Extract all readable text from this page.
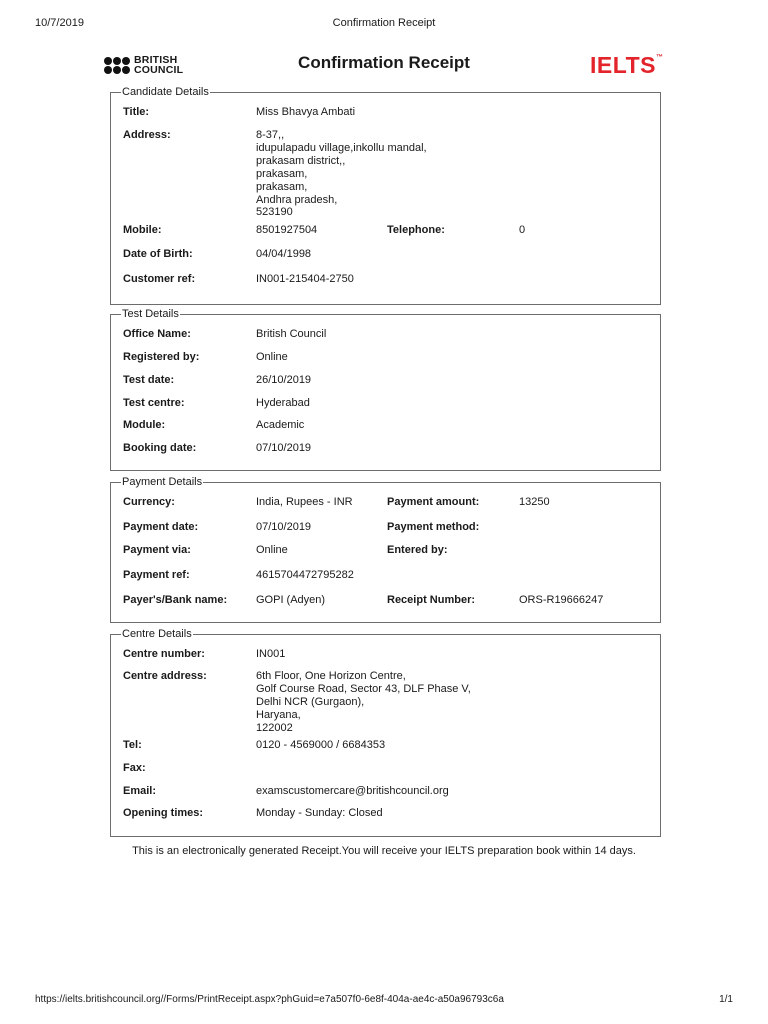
10/7/2019	Confirmation Receipt
BRITISH
COUNCIL	Confirmation Receipt	IELTS™
Candidate Details
Title:	Miss Bhavya Ambati
Address:	8-37,,
idupulapadu village,inkollu mandal,
prakasam district,,
prakasam,
prakasam,
Andhra pradesh,
523190
Mobile:	8501927504	Telephone:	0
Date of Birth:	04/04/1998
Customer ref:	IN001-215404-2750
Test Details
Office Name:	British Council
Registered by:	Online
Test date:	26/10/2019
Test centre:	Hyderabad
Module:	Academic
Booking date:	07/10/2019
Payment Details
Currency:	India, Rupees - INR	Payment amount:	13250
Payment date:	07/10/2019	Payment method:
Payment via:	Online	Entered by:
Payment ref:	4615704472795282
Payer's/Bank name:	GOPI (Adyen)	Receipt Number:	ORS-R19666247
Centre Details
Centre number:	IN001
Centre address:	6th Floor, One Horizon Centre,
Golf Course Road, Sector 43, DLF Phase V,
Delhi NCR (Gurgaon),
Haryana,
122002
Tel:	0120 - 4569000 / 6684353
Fax:
Email:	examscustomercare@britishcouncil.org
Opening times:	Monday - Sunday: Closed
This is an electronically generated Receipt.You will receive your IELTS preparation book within 14 days.
https://ielts.britishcouncil.org//Forms/PrintReceipt.aspx?phGuid=e7a507f0-6e8f-404a-ae4c-a50a96793c6a	1/1
